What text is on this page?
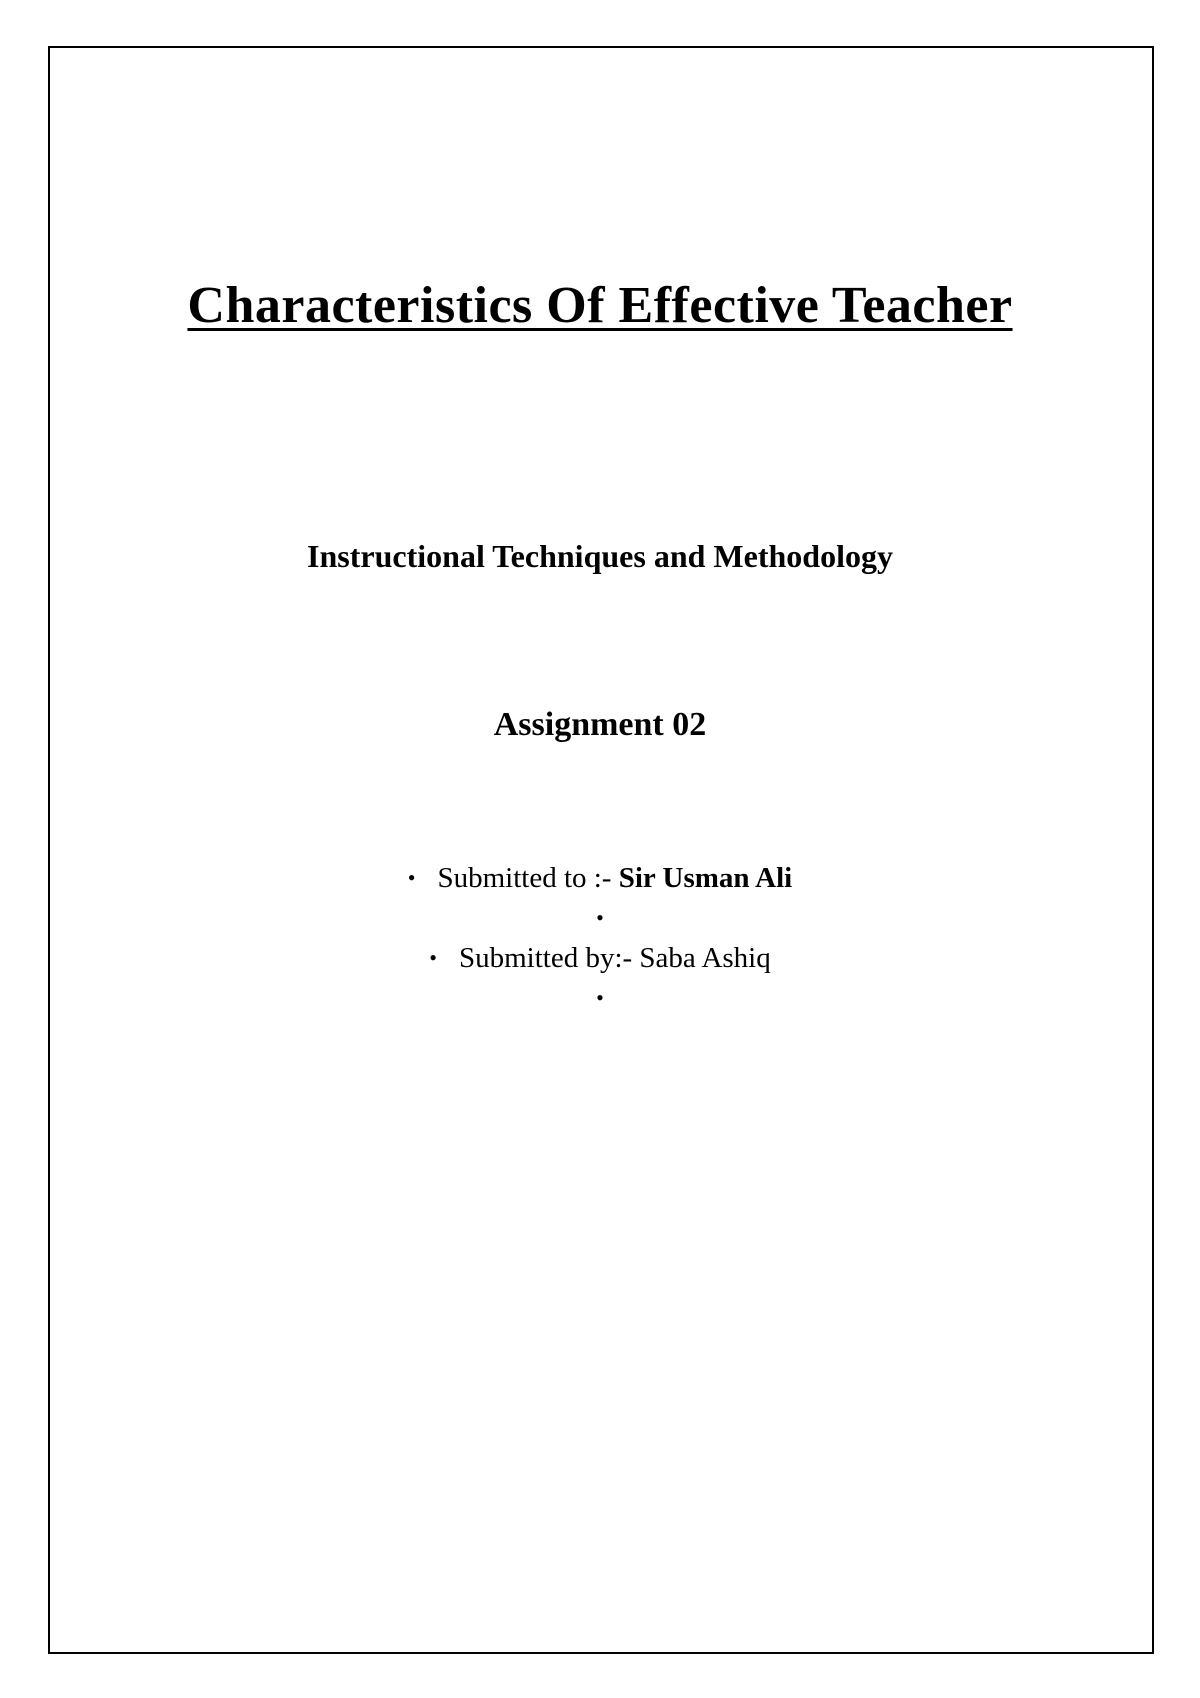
Characteristics Of Effective Teacher
Instructional Techniques and Methodology
Assignment 02
• Submitted to :- Sir Usman Ali
•
• Submitted by:- Saba Ashiq
•
